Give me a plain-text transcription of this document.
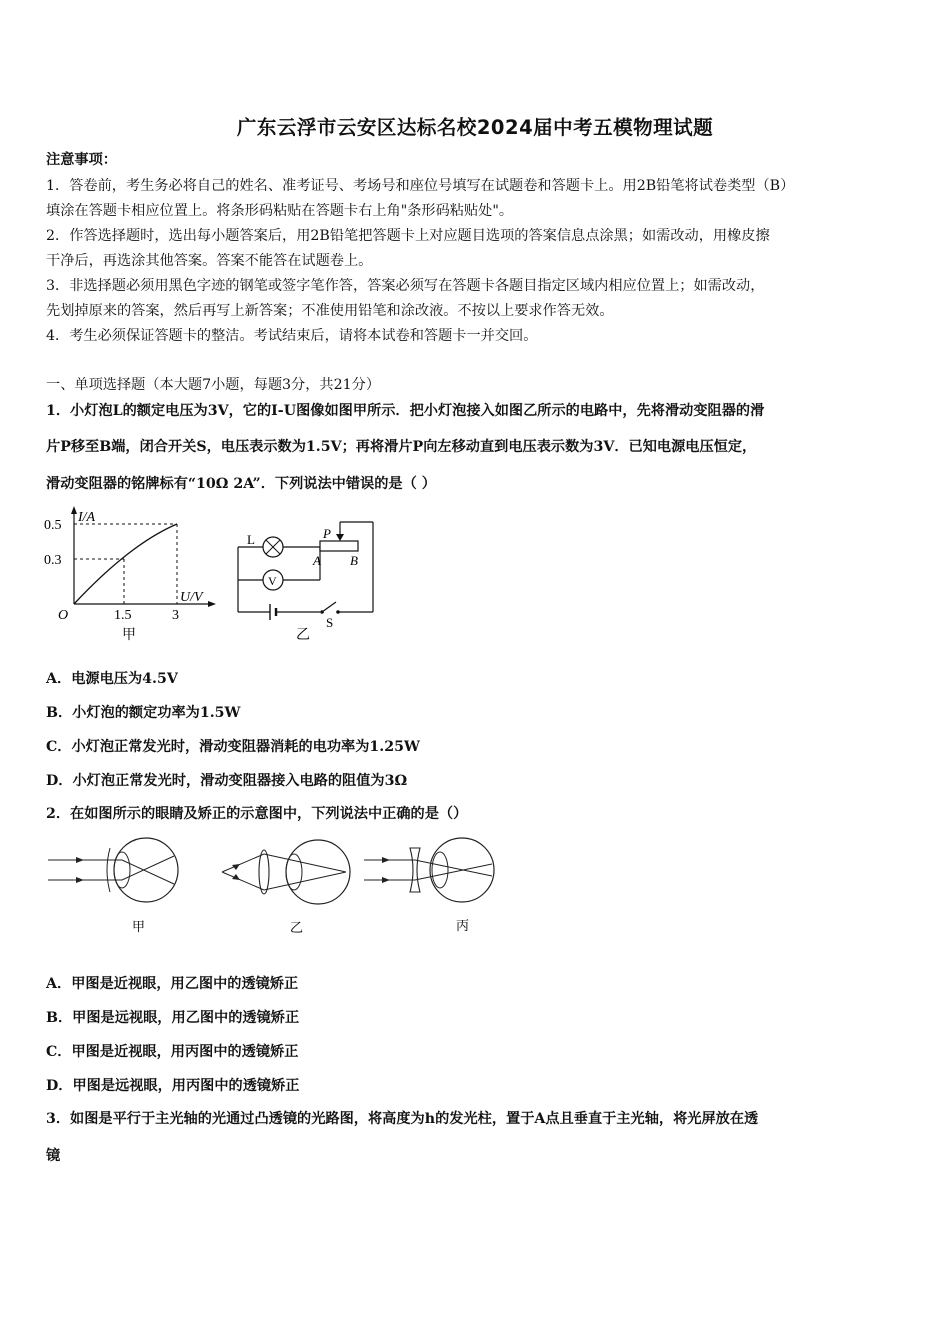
广东云浮市云安区达标名校2024届中考五模物理试题
注意事项：
1．答卷前，考生务必将自己的姓名、准考证号、考场号和座位号填写在试题卷和答题卡上。用2B铅笔将试卷类型（B）
填涂在答题卡相应位置上。将条形码粘贴在答题卡右上角"条形码粘贴处"。
2．作答选择题时，选出每小题答案后，用2B铅笔把答题卡上对应题目选项的答案信息点涂黑；如需改动，用橡皮擦
干净后，再选涂其他答案。答案不能答在试题卷上。
3．非选择题必须用黑色字迹的钢笔或签字笔作答，答案必须写在答题卡各题目指定区域内相应位置上；如需改动，
先划掉原来的答案，然后再写上新答案；不准使用铅笔和涂改液。不按以上要求作答无效。
4．考生必须保证答题卡的整洁。考试结束后，请将本试卷和答题卡一并交回。
一、单项选择题（本大题7小题，每题3分，共21分）
1．小灯泡L的额定电压为3V，它的I-U图像如图甲所示．把小灯泡接入如图乙所示的电路中，先将滑动变阻器的滑
片P移至B端，闭合开关S，电压表示数为1.5V；再将滑片P向左移动直到电压表示数为3V．已知电源电压恒定，
滑动变阻器的铭牌标有“10Ω 2A”．下列说法中错误的是（ ）
I/A
0.5
0.3
U/V
O	1.5	3
甲
V
L	P
A B
S
乙
A．电源电压为4.5V
B．小灯泡的额定功率为1.5W
C．小灯泡正常发光时，滑动变阻器消耗的电功率为1.25W
D．小灯泡正常发光时，滑动变阻器接入电路的阻值为3Ω
2．在如图所示的眼睛及矫正的示意图中，下列说法中正确的是（）
甲	乙	丙
A．甲图是近视眼，用乙图中的透镜矫正
B．甲图是远视眼，用乙图中的透镜矫正
C．甲图是近视眼，用丙图中的透镜矫正
D．甲图是远视眼，用丙图中的透镜矫正
3．如图是平行于主光轴的光通过凸透镜的光路图，将高度为h的发光柱，置于A点且垂直于主光轴，将光屏放在透
镜
